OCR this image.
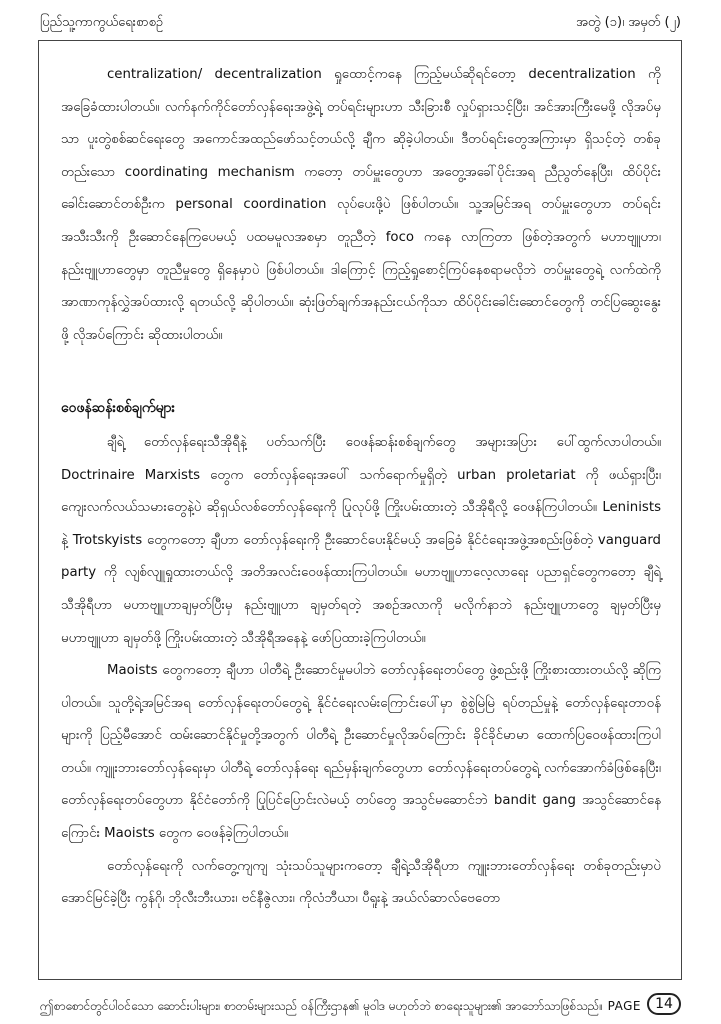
ပြည်သူ့ကာကွယ်ရေးစာစဥ်	အတွဲ (၁)၊ အမှတ် (၂)

centralization/ decentralization ရှုထောင့်ကနေ ကြည့်မယ်ဆိုရင်တော့ decentralization ကို အခြေခံထားပါတယ်။ လက်နက်ကိုင်တော်လှန်ရေးအဖွဲ့ရဲ့ တပ်ရင်းများဟာ သီးခြားစီ လှုပ်ရှားသင့်ပြီး၊ အင်အားကြီးမေဖို့ လိုအပ်မှသာ ပူးတွဲစစ်ဆင်ရေးတွေ အကောင်အထည်ဖော်သင့်တယ်လို့ ချီက ဆိုခဲ့ပါတယ်။ ဒီတပ်ရင်းတွေအကြားမှာ ရှိသင့်တဲ့ တစ်ခုတည်းသော coordinating mechanism ကတော့ တပ်မှူးတွေဟာ အတွေ့အခေါ်ပိုင်းအရ ညီညွတ်နေပြီး၊ ထိပ်ပိုင်းခေါင်းဆောင်တစ်ဦးက personal coordination လုပ်ပေးဖို့ပဲ ဖြစ်ပါတယ်။ သူ့အမြင်အရ တပ်မှူးတွေဟာ တပ်ရင်းအသီးသီးကို ဦးဆောင်နေကြပေမယ့် ပထမမူလအစမှာ တူညီတဲ့ foco ကနေ လာကြတာ ဖြစ်တဲ့အတွက် မဟာဗျူဟာ၊ နည်းဗျူဟာတွေမှာ တူညီမှုတွေ ရှိနေမှာပဲ ဖြစ်ပါတယ်။ ဒါကြောင့် ကြည့်ရှုစောင့်ကြပ်နေစရာမလိုဘဲ တပ်မှူးတွေရဲ့ လက်ထဲကို အာဏာကုန်လွှဲအပ်ထားလို့ ရတယ်လို့ ဆိုပါတယ်။ ဆုံးဖြတ်ချက်အနည်းငယ်ကိုသာ ထိပ်ပိုင်းခေါင်းဆောင်တွေကို တင်ပြဆွေးနွေးဖို့ လိုအပ်ကြောင်း ဆိုထားပါတယ်။

ဝေဖန်ဆန်းစစ်ချက်များ

ချီရဲ့ တော်လှန်ရေးသီအိုရီနဲ့ ပတ်သက်ပြီး ဝေဖန်ဆန်းစစ်ချက်တွေ အများအပြား ပေါ်ထွက်လာပါတယ်။ Doctrinaire Marxists တွေက တော်လှန်ရေးအပေါ် သက်ရောက်မှုရှိတဲ့ urban proletariat ကို ဖယ်ရှားပြီး၊ ကျေးလက်လယ်သမားတွေနဲ့ပဲ ဆိုရှယ်လစ်တော်လှန်ရေးကို ပြုလုပ်ဖို့ ကြိုးပမ်းထားတဲ့ သီအိုရီလို့ ဝေဖန်ကြပါတယ်။ Leninists နဲ့ Trotskyists တွေကတော့ ချီဟာ တော်လှန်ရေးကို ဦးဆောင်ပေးနိုင်မယ့် အခြေခံ နိုင်ငံရေးအဖွဲ့အစည်းဖြစ်တဲ့ vanguard party ကို လျစ်လျူရှုထားတယ်လို့ အတိအလင်းဝေဖန်ထားကြပါတယ်။ မဟာဗျူဟာလေ့လာရေး ပညာရှင်တွေကတော့ ချီရဲ့သီအိုရီဟာ မဟာဗျူဟာချမှတ်ပြီးမှ နည်းဗျူဟာ ချမှတ်ရတဲ့ အစဉ်အလာကို မလိုက်နာဘဲ နည်းဗျူဟာတွေ ချမှတ်ပြီးမှ မဟာဗျူဟာ ချမှတ်ဖို့ ကြိုးပမ်းထားတဲ့ သီအိုရီအနေနဲ့ ဖော်ပြထားခဲ့ကြပါတယ်။

Maoists တွေကတော့ ချီဟာ ပါတီရဲ့ ဦးဆောင်မှုမပါဘဲ တော်လှန်ရေးတပ်တွေ ဖွဲ့စည်းဖို့ ကြိုးစားထားတယ်လို့ ဆိုကြပါတယ်။ သူတို့ရဲ့အမြင်အရ တော်လှန်ရေးတပ်တွေရဲ့ နိုင်ငံရေးလမ်းကြောင်းပေါ်မှာ စွဲစွဲမြဲမြဲ ရပ်တည်မှုနဲ့ တော်လှန်ရေးတာဝန်များကို ပြည့်မီအောင် ထမ်းဆောင်နိုင်မှုတို့အတွက် ပါတီရဲ့ ဦးဆောင်မှုလိုအပ်ကြောင်း ခိုင်ခိုင်မာမာ ထောက်ပြဝေဖန်ထားကြပါတယ်။ ကျူးဘားတော်လှန်ရေးမှာ ပါတီရဲ့ တော်လှန်ရေး ရည်မှန်းချက်တွေဟာ တော်လှန်ရေးတပ်တွေရဲ့ လက်အောက်ခံဖြစ်နေပြီး၊ တော်လှန်ရေးတပ်တွေဟာ နိုင်ငံတော်ကို ပြုပြင်ပြောင်းလဲမယ့် တပ်တွေ အသွင်မဆောင်ဘဲ bandit gang အသွင်ဆောင်နေကြောင်း Maoists တွေက ဝေဖန်ခဲ့ကြပါတယ်။

တော်လှန်ရေးကို လက်တွေ့ကျကျ သုံးသပ်သူများကတော့ ချီရဲ့သီအိုရီဟာ ကျူးဘားတော်လှန်ရေး တစ်ခုတည်းမှာပဲ အောင်မြင်ခဲ့ပြီး ကွန်ဂို၊ ဘိုလီးဘီးယား၊ ဗင်နီဇွဲလား၊ ကိုလံဘီယာ၊ ပီရူးနဲ့ အယ်လ်ဆာလ်ဗေတော

ဤစာစောင်တွင်ပါဝင်သော ဆောင်းပါးများ၊ စာတမ်းများသည် ဝန်ကြီးဌာန၏ မူဝါဒ မဟုတ်ဘဲ စာရေးသူများ၏ အာဘော်သာဖြစ်သည်။ PAGE	14
